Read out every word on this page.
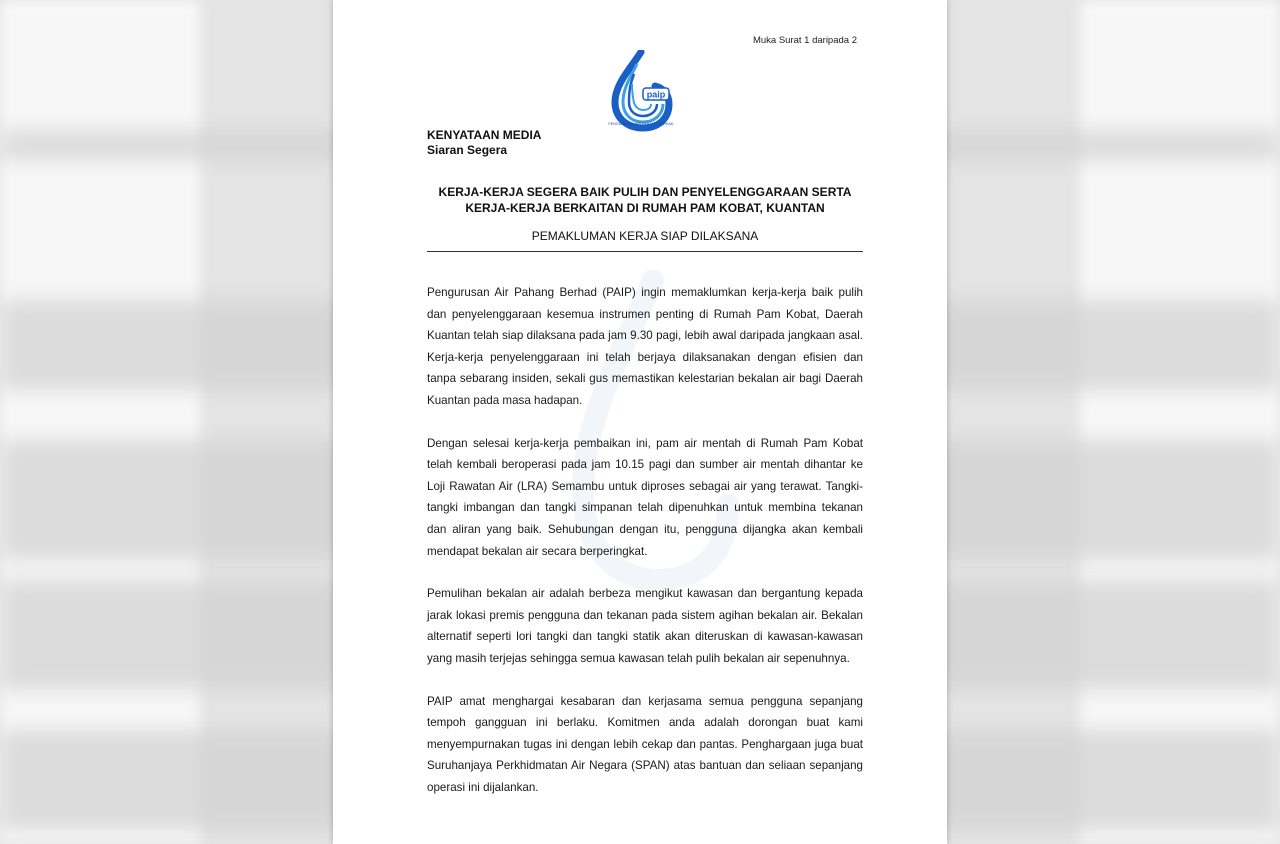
Muka Surat 1 daripada 2
paip
PENGURUSAN AIR PAHANG BERHAD
KENYATAAN MEDIA
Siaran Segera
KERJA-KERJA SEGERA BAIK PULIH DAN PENYELENGGARAAN SERTA
KERJA-KERJA BERKAITAN DI RUMAH PAM KOBAT, KUANTAN
PEMAKLUMAN KERJA SIAP DILAKSANA

Pengurusan Air Pahang Berhad (PAIP) ingin memaklumkan kerja-kerja baik pulih dan penyelenggaraan kesemua instrumen penting di Rumah Pam Kobat, Daerah Kuantan telah siap dilaksana pada jam 9.30 pagi, lebih awal daripada jangkaan asal. Kerja-kerja penyelenggaraan ini telah berjaya dilaksanakan dengan efisien dan tanpa sebarang insiden, sekali gus memastikan kelestarian bekalan air bagi Daerah Kuantan pada masa hadapan.

Dengan selesai kerja-kerja pembaikan ini, pam air mentah di Rumah Pam Kobat telah kembali beroperasi pada jam 10.15 pagi dan sumber air mentah dihantar ke Loji Rawatan Air (LRA) Semambu untuk diproses sebagai air yang terawat. Tangki-tangki imbangan dan tangki simpanan telah dipenuhkan untuk membina tekanan dan aliran yang baik. Sehubungan dengan itu, pengguna dijangka akan kembali mendapat bekalan air secara berperingkat.

Pemulihan bekalan air adalah berbeza mengikut kawasan dan bergantung kepada jarak lokasi premis pengguna dan tekanan pada sistem agihan bekalan air. Bekalan alternatif seperti lori tangki dan tangki statik akan diteruskan di kawasan-kawasan yang masih terjejas sehingga semua kawasan telah pulih bekalan air sepenuhnya.

PAIP amat menghargai kesabaran dan kerjasama semua pengguna sepanjang tempoh gangguan ini berlaku. Komitmen anda adalah dorongan buat kami menyempurnakan tugas ini dengan lebih cekap dan pantas. Penghargaan juga buat Suruhanjaya Perkhidmatan Air Negara (SPAN) atas bantuan dan seliaan sepanjang operasi ini dijalankan.
